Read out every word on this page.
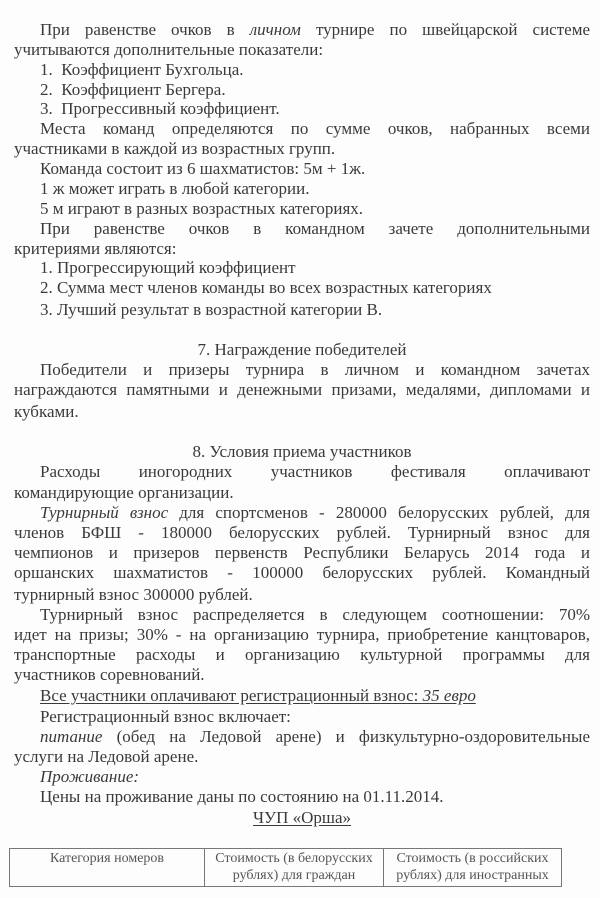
При равенстве очков в личном турнире по швейцарской системе
учитываются дополнительные показатели:
1.  Коэффициент Бухгольца.
2.  Коэффициент Бергера.
3.  Прогрессивный коэффициент.
Места команд определяются по сумме очков, набранных всеми
участниками в каждой из возрастных групп.
Команда состоит из 6 шахматистов: 5м + 1ж.
1 ж может играть в любой категории.
5 м играют в разных возрастных категориях.
При равенстве очков в командном зачете дополнительными
критериями являются:
1. Прогрессирующий коэффициент
2. Сумма мест членов команды во всех возрастных категориях
3. Лучший результат в возрастной категории В.
7. Награждение победителей
Победители и призеры турнира в личном и командном зачетах
награждаются памятными и денежными призами, медалями, дипломами и
кубками.
8. Условия приема участников
Расходы иногородних участников фестиваля оплачивают
командирующие организации.
Турнирный взнос для спортсменов - 280000 белорусских рублей, для
членов БФШ - 180000 белорусских рублей. Турнирный взнос для
чемпионов и призеров первенств Республики Беларусь 2014 года и
оршанских шахматистов - 100000 белорусских рублей. Командный
турнирный взнос 300000 рублей.
Турнирный взнос распределяется в следующем соотношении: 70%
идет на призы; 30% - на организацию турнира, приобретение канцтоваров,
транспортные расходы и организацию культурной программы для
участников соревнований.
Все участники оплачивают регистрационный взнос: 35 евро
Регистрационный взнос включает:
питание (обед на Ледовой арене) и физкультурно-оздоровительные
услуги на Ледовой арене.
Проживание:
Цены на проживание даны по состоянию на 01.11.2014.
ЧУП «Орша»
Категория номеров	Стоимость (в белорусских рублях) для граждан	Стоимость (в российских рублях) для иностранных
